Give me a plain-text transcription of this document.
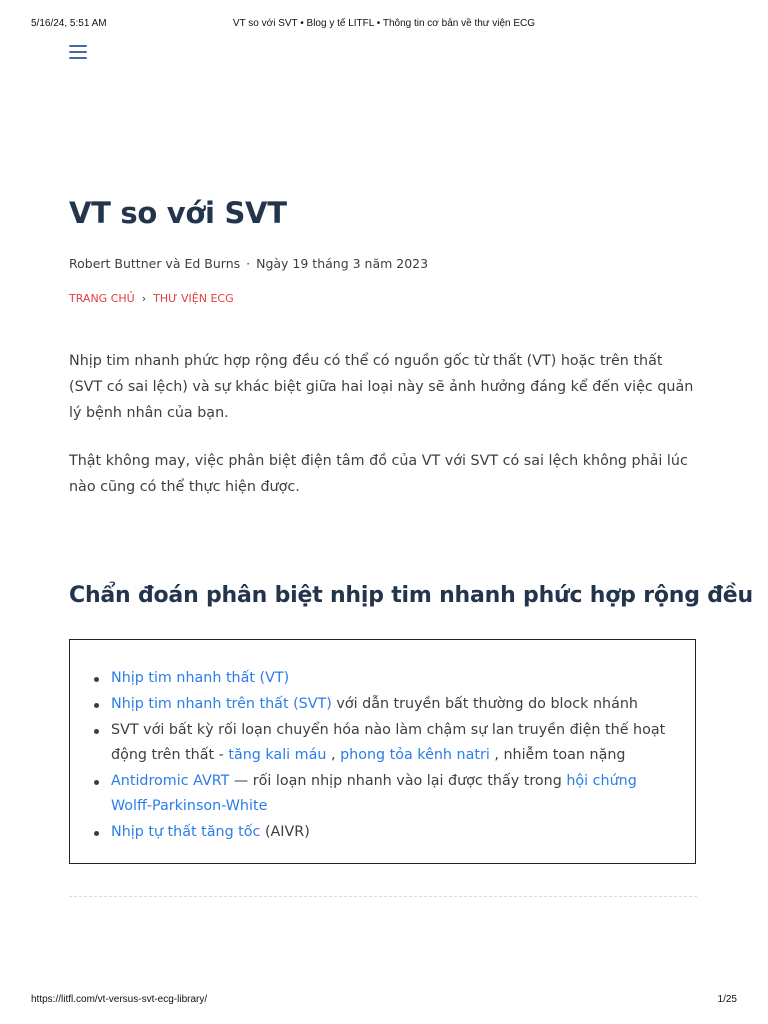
5/16/24, 5:51 AM	VT so với SVT • Blog y tế LITFL • Thông tin cơ bản về thư viện ECG
VT so với SVT
Robert Buttner và Ed Burns · Ngày 19 tháng 3 năm 2023
TRANG CHỦ › THƯ VIỆN ECG

Nhịp tim nhanh phức hợp rộng đều có thể có nguồn gốc từ thất (VT) hoặc trên thất (SVT có sai lệch) và sự khác biệt giữa hai loại này sẽ ảnh hưởng đáng kể đến việc quản lý bệnh nhân của bạn.

Thật không may, việc phân biệt điện tâm đồ của VT với SVT có sai lệch không phải lúc nào cũng có thể thực hiện được.

Chẩn đoán phân biệt nhịp tim nhanh phức hợp rộng đều
Nhịp tim nhanh thất (VT)
Nhịp tim nhanh trên thất (SVT) với dẫn truyền bất thường do block nhánh
SVT với bất kỳ rối loạn chuyển hóa nào làm chậm sự lan truyền điện thế hoạt động trên thất - tăng kali máu , phong tỏa kênh natri , nhiễm toan nặng
Antidromic AVRT — rối loạn nhịp nhanh vào lại được thấy trong hội chứng Wolff-Parkinson-White
Nhịp tự thất tăng tốc (AIVR)
https://litfl.com/vt-versus-svt-ecg-library/	1/25
